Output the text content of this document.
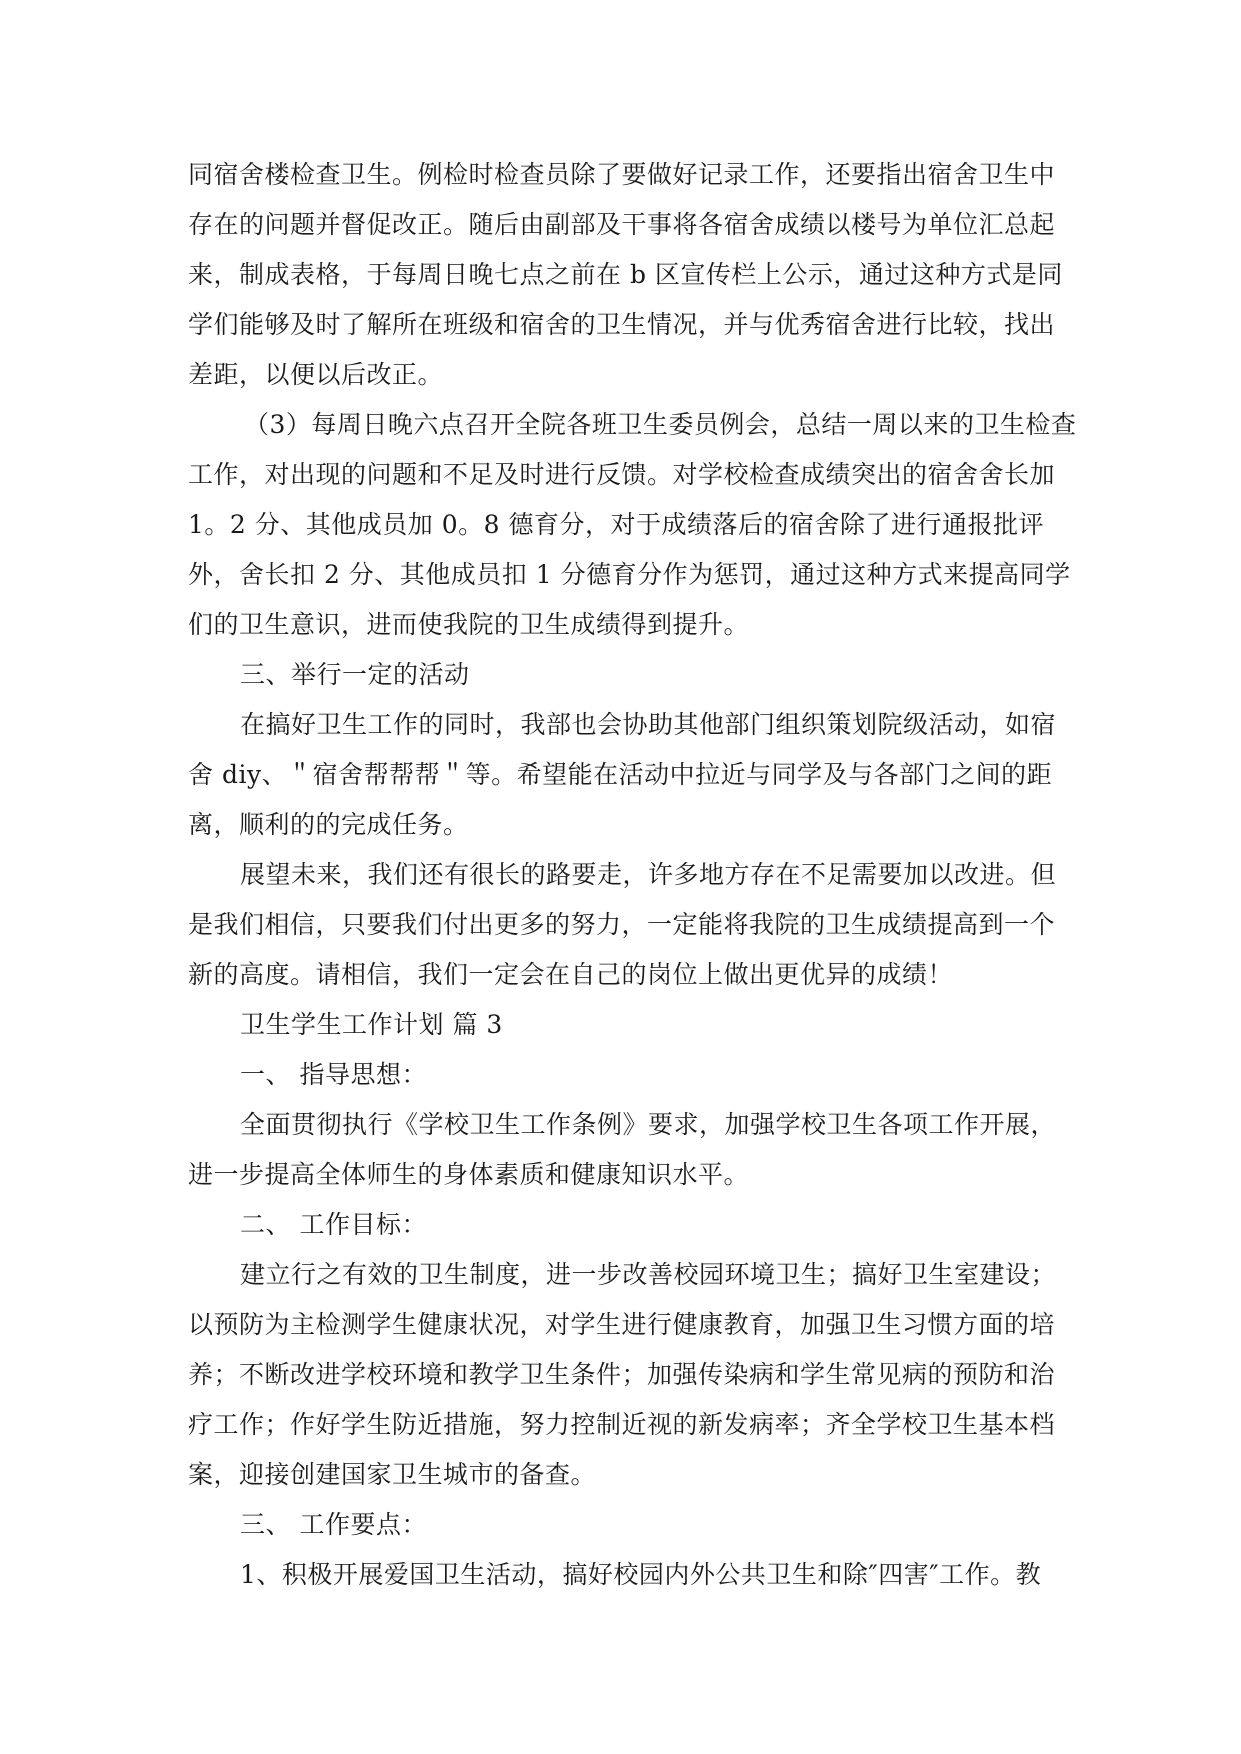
同宿舍楼检查卫生。例检时检查员除了要做好记录工作，还要指出宿舍卫生中
存在的问题并督促改正。随后由副部及干事将各宿舍成绩以楼号为单位汇总起
来，制成表格，于每周日晚七点之前在 b 区宣传栏上公示，通过这种方式是同
学们能够及时了解所在班级和宿舍的卫生情况，并与优秀宿舍进行比较，找出
差距，以便以后改正。
（3）每周日晚六点召开全院各班卫生委员例会，总结一周以来的卫生检查
工作，对出现的问题和不足及时进行反馈。对学校检查成绩突出的宿舍舍长加
1。2 分、其他成员加 0。8 德育分，对于成绩落后的宿舍除了进行通报批评
外，舍长扣 2 分、其他成员扣 1 分德育分作为惩罚，通过这种方式来提高同学
们的卫生意识，进而使我院的卫生成绩得到提升。
三、举行一定的活动
在搞好卫生工作的同时，我部也会协助其他部门组织策划院级活动，如宿
舍 diy、＂宿舍帮帮帮＂等。希望能在活动中拉近与同学及与各部门之间的距
离，顺利的的完成任务。
展望未来，我们还有很长的路要走，许多地方存在不足需要加以改进。但
是我们相信，只要我们付出更多的努力，一定能将我院的卫生成绩提高到一个
新的高度。请相信，我们一定会在自己的岗位上做出更优异的成绩！
卫生学生工作计划 篇 3
一、 指导思想：
全面贯彻执行《学校卫生工作条例》要求，加强学校卫生各项工作开展，
进一步提高全体师生的身体素质和健康知识水平。
二、 工作目标：
建立行之有效的卫生制度，进一步改善校园环境卫生；搞好卫生室建设；
以预防为主检测学生健康状况，对学生进行健康教育，加强卫生习惯方面的培
养；不断改进学校环境和教学卫生条件；加强传染病和学生常见病的预防和治
疗工作；作好学生防近措施，努力控制近视的新发病率；齐全学校卫生基本档
案，迎接创建国家卫生城市的备查。
三、 工作要点：
1、积极开展爱国卫生活动，搞好校园内外公共卫生和除″四害″工作。教
